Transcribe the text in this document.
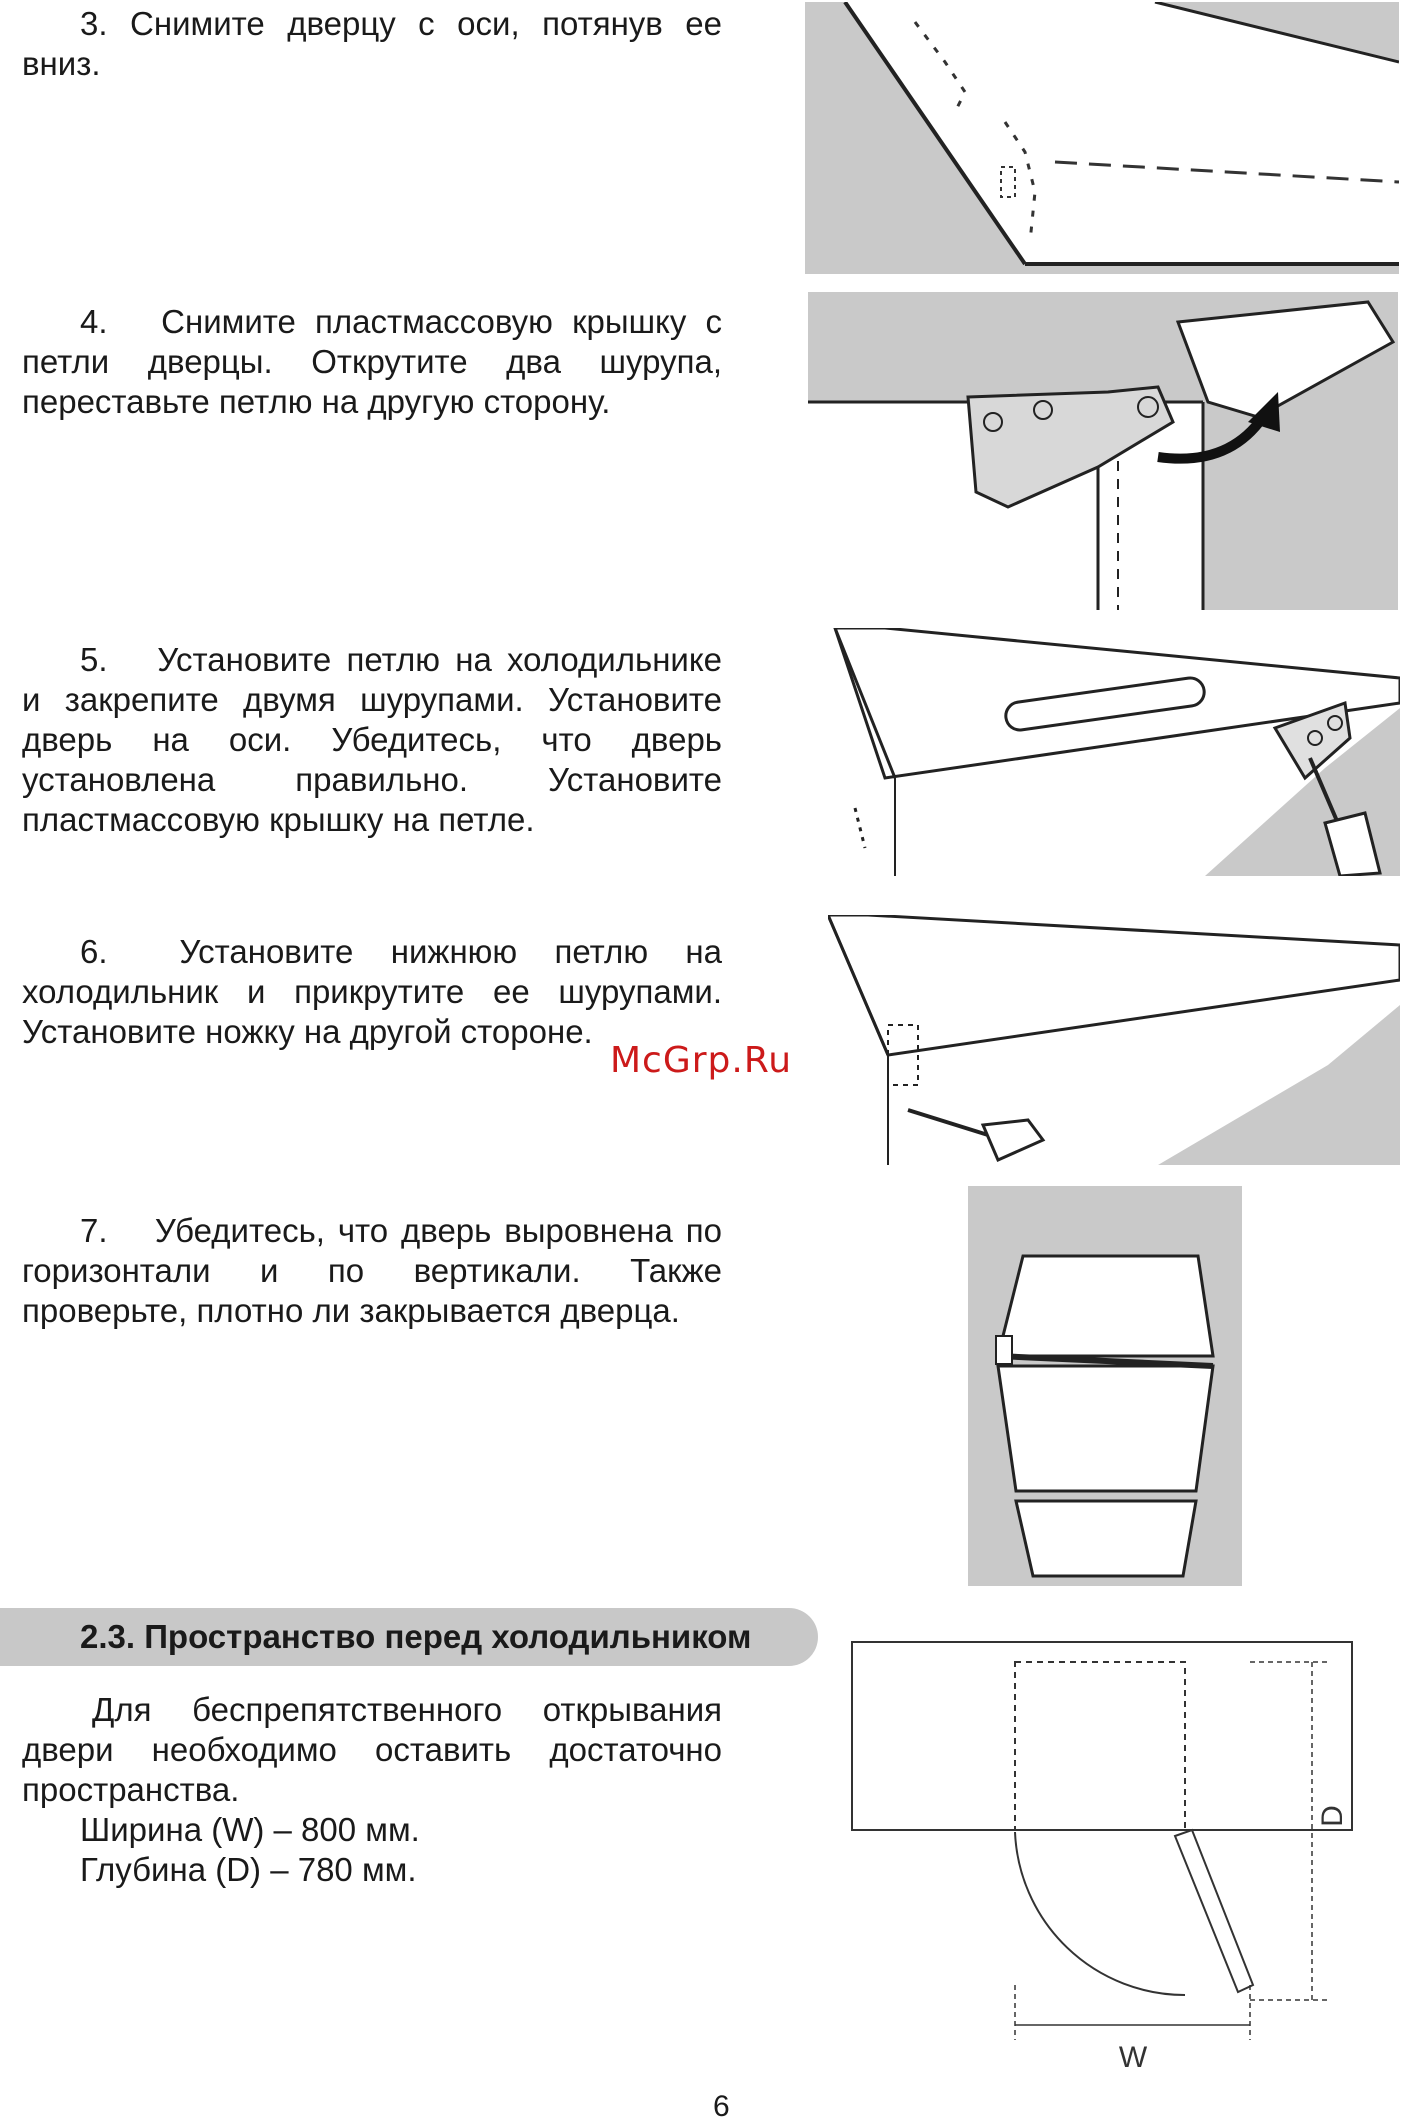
3. Снимите дверцу с оси, потянув ее вниз.

4. Снимите пластмассовую крышку с петли дверцы. Открутите два шурупа, переставьте петлю на другую сторону.

5. Установите петлю на холодильнике и закрепите двумя шурупами. Установите дверь на оси. Убедитесь, что дверь установлена правильно. Установите пластмассовую крышку на петле.

6. Установите нижнюю петлю на холодильник и прикрутите ее шурупами. Установите ножку на другой стороне.

7. Убедитесь, что дверь выровнена по горизонтали и по вертикали. Также проверьте, плотно ли закрывается дверца.

2.3. Пространство перед холодильником
Для беспрепятственного открывания двери необходимо оставить достаточно пространства.
Ширина (W) – 800 мм.
Глубина (D) – 780 мм.
W
D
McGrp.Ru
6
